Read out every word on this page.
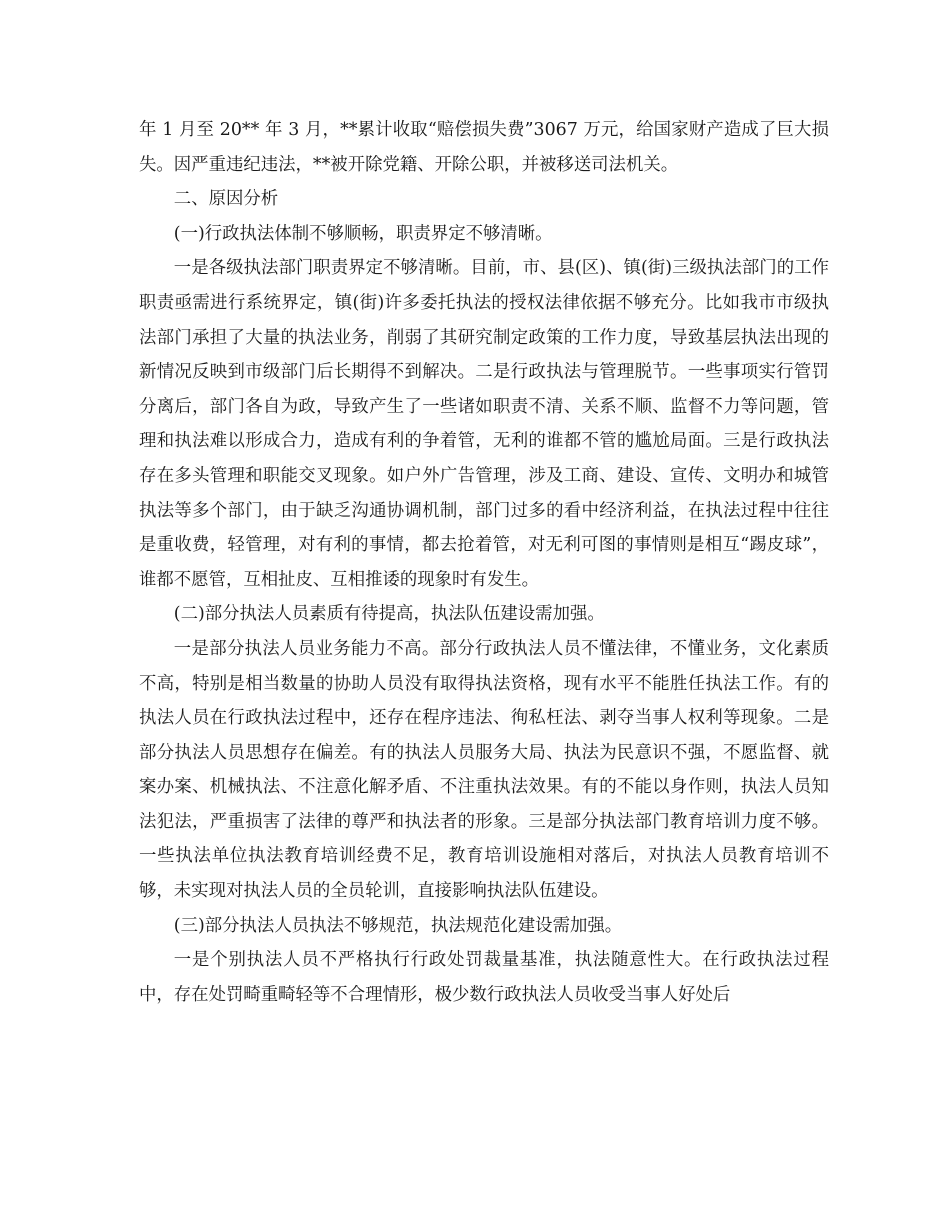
年 1 月至 20** 年 3 月，**累计收取“赔偿损失费”3067 万元，给国家财产造成了巨大损失。因严重违纪违法，**被开除党籍、开除公职，并被移送司法机关。

二、原因分析

(一)行政执法体制不够顺畅，职责界定不够清晰。

一是各级执法部门职责界定不够清晰。目前，市、县(区)、镇(街)三级执法部门的工作职责亟需进行系统界定，镇(街)许多委托执法的授权法律依据不够充分。比如我市市级执法部门承担了大量的执法业务，削弱了其研究制定政策的工作力度，导致基层执法出现的新情况反映到市级部门后长期得不到解决。二是行政执法与管理脱节。一些事项实行管罚分离后，部门各自为政，导致产生了一些诸如职责不清、关系不顺、监督不力等问题，管理和执法难以形成合力，造成有利的争着管，无利的谁都不管的尴尬局面。三是行政执法存在多头管理和职能交叉现象。如户外广告管理，涉及工商、建设、宣传、文明办和城管执法等多个部门，由于缺乏沟通协调机制，部门过多的看中经济利益，在执法过程中往往是重收费，轻管理，对有利的事情，都去抢着管，对无利可图的事情则是相互“踢皮球”，谁都不愿管，互相扯皮、互相推诿的现象时有发生。

(二)部分执法人员素质有待提高，执法队伍建设需加强。

一是部分执法人员业务能力不高。部分行政执法人员不懂法律，不懂业务，文化素质不高，特别是相当数量的协助人员没有取得执法资格，现有水平不能胜任执法工作。有的执法人员在行政执法过程中，还存在程序违法、徇私枉法、剥夺当事人权利等现象。二是部分执法人员思想存在偏差。有的执法人员服务大局、执法为民意识不强，不愿监督、就案办案、机械执法、不注意化解矛盾、不注重执法效果。有的不能以身作则，执法人员知法犯法，严重损害了法律的尊严和执法者的形象。三是部分执法部门教育培训力度不够。一些执法单位执法教育培训经费不足，教育培训设施相对落后，对执法人员教育培训不够，未实现对执法人员的全员轮训，直接影响执法队伍建设。

(三)部分执法人员执法不够规范，执法规范化建设需加强。

一是个别执法人员不严格执行行政处罚裁量基准，执法随意性大。在行政执法过程中，存在处罚畸重畸轻等不合理情形，极少数行政执法人员收受当事人好处后
